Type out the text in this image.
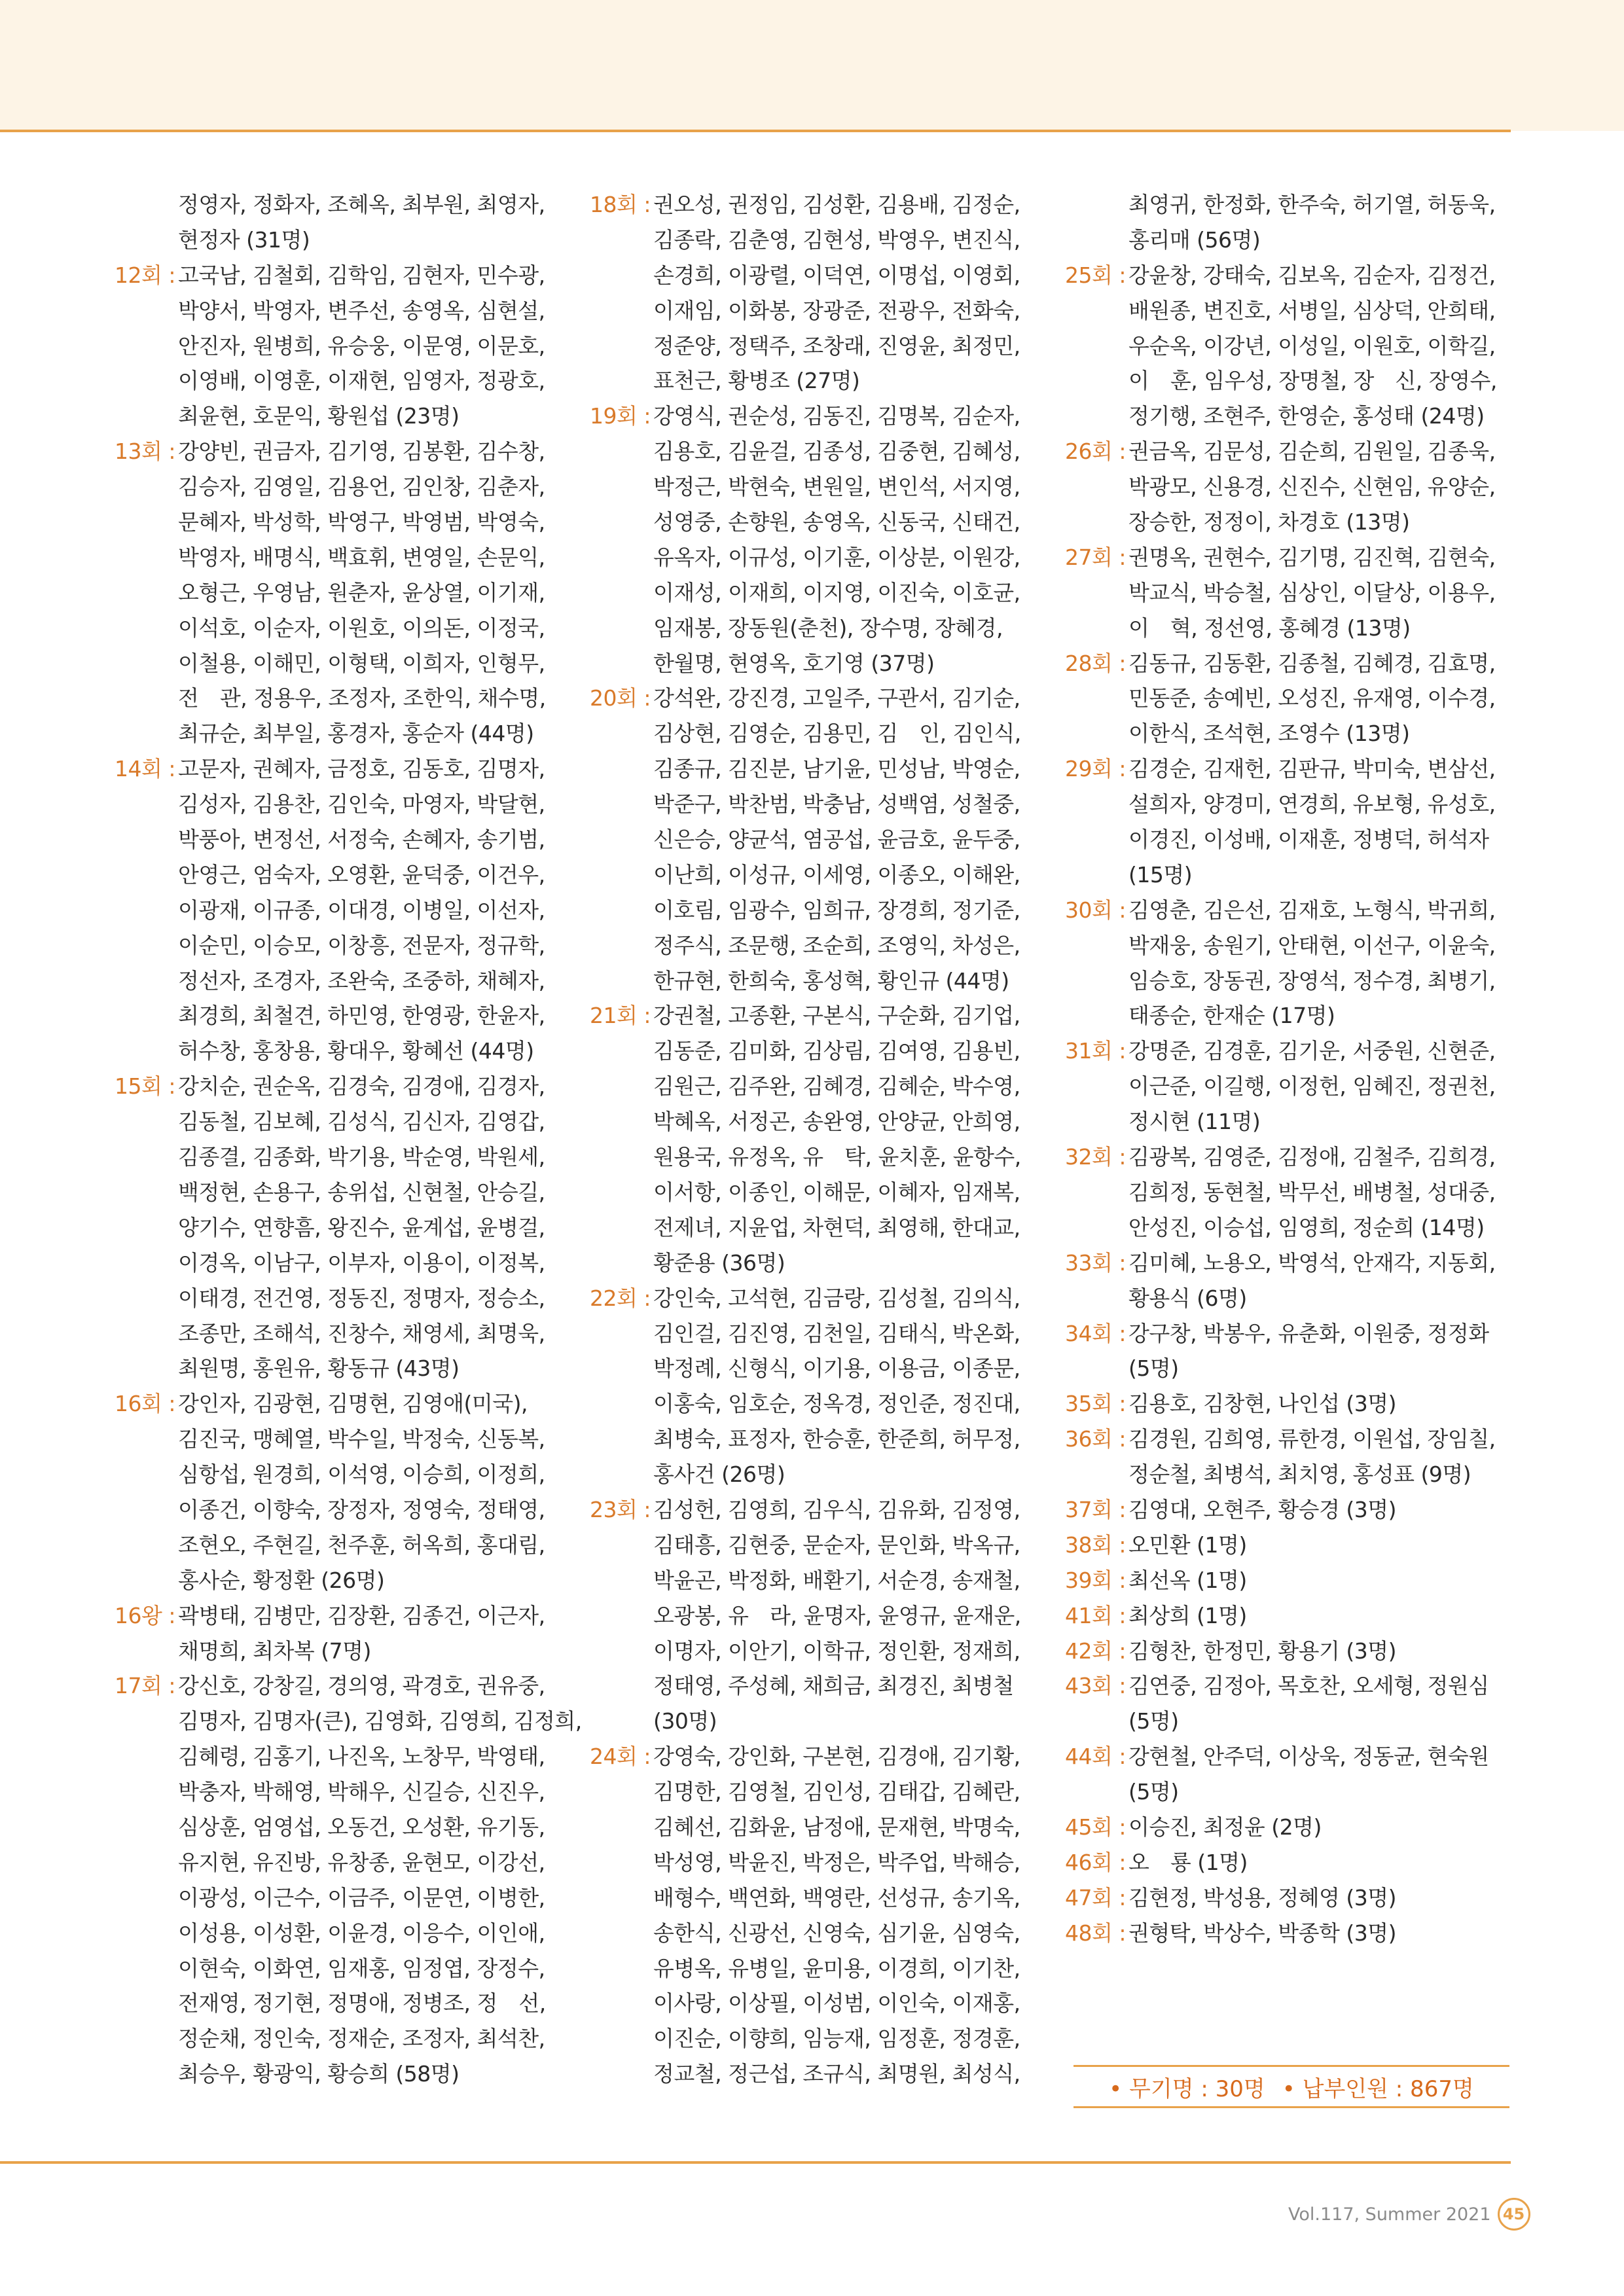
정영자, 정화자, 조혜옥, 최부원, 최영자,
현정자 (31명)
12회 : 고국남, 김철회, 김학임, 김현자, 민수광,
박양서, 박영자, 변주선, 송영옥, 심현설,
안진자, 원병희, 유승웅, 이문영, 이문호,
이영배, 이영훈, 이재현, 임영자, 정광호,
최윤현, 호문익, 황원섭 (23명)
13회 : 강양빈, 권금자, 김기영, 김봉환, 김수창,
김승자, 김영일, 김용언, 김인창, 김춘자,
문혜자, 박성학, 박영구, 박영범, 박영숙,
박영자, 배명식, 백효휘, 변영일, 손문익,
오형근, 우영남, 원춘자, 윤상열, 이기재,
이석호, 이순자, 이원호, 이의돈, 이정국,
이철용, 이해민, 이형택, 이희자, 인형무,
전　관, 정용우, 조정자, 조한익, 채수명,
최규순, 최부일, 홍경자, 홍순자 (44명)
14회 : 고문자, 권혜자, 금정호, 김동호, 김명자,
김성자, 김용찬, 김인숙, 마영자, 박달현,
박풍아, 변정선, 서정숙, 손혜자, 송기범,
안영근, 엄숙자, 오영환, 윤덕중, 이건우,
이광재, 이규종, 이대경, 이병일, 이선자,
이순민, 이승모, 이창흥, 전문자, 정규학,
정선자, 조경자, 조완숙, 조중하, 채혜자,
최경희, 최철견, 하민영, 한영광, 한윤자,
허수창, 홍창용, 황대우, 황혜선 (44명)
15회 : 강치순, 권순옥, 김경숙, 김경애, 김경자,
김동철, 김보혜, 김성식, 김신자, 김영갑,
김종결, 김종화, 박기용, 박순영, 박원세,
백정현, 손용구, 송위섭, 신현철, 안승길,
양기수, 연향흠, 왕진수, 윤계섭, 윤병걸,
이경옥, 이남구, 이부자, 이용이, 이정복,
이태경, 전건영, 정동진, 정명자, 정승소,
조종만, 조해석, 진창수, 채영세, 최명욱,
최원명, 홍원유, 황동규 (43명)
16회 : 강인자, 김광현, 김명현, 김영애(미국),
김진국, 맹혜열, 박수일, 박정숙, 신동복,
심항섭, 원경희, 이석영, 이승희, 이정희,
이종건, 이향숙, 장정자, 정영숙, 정태영,
조현오, 주현길, 천주훈, 허옥희, 홍대림,
홍사순, 황정환 (26명)
16왕 : 곽병태, 김병만, 김장환, 김종건, 이근자,
채명희, 최차복 (7명)
17회 : 강신호, 강창길, 경의영, 곽경호, 권유중,
김명자, 김명자(큰), 김영화, 김영희, 김정희,
김혜령, 김홍기, 나진옥, 노창무, 박영태,
박충자, 박해영, 박해우, 신길승, 신진우,
심상훈, 엄영섭, 오동건, 오성환, 유기동,
유지현, 유진방, 유창종, 윤현모, 이강선,
이광성, 이근수, 이금주, 이문연, 이병한,
이성용, 이성환, 이윤경, 이응수, 이인애,
이현숙, 이화연, 임재홍, 임정엽, 장정수,
전재영, 정기현, 정명애, 정병조, 정　선,
정순채, 정인숙, 정재순, 조정자, 최석찬,
최승우, 황광익, 황승희 (58명)
18회 : 권오성, 권정임, 김성환, 김용배, 김정순,
김종락, 김춘영, 김현성, 박영우, 변진식,
손경희, 이광렬, 이덕연, 이명섭, 이영회,
이재임, 이화봉, 장광준, 전광우, 전화숙,
정준양, 정택주, 조창래, 진영윤, 최정민,
표천근, 황병조 (27명)
19회 : 강영식, 권순성, 김동진, 김명복, 김순자,
김용호, 김윤걸, 김종성, 김중현, 김혜성,
박정근, 박현숙, 변원일, 변인석, 서지영,
성영중, 손향원, 송영옥, 신동국, 신태건,
유옥자, 이규성, 이기훈, 이상분, 이원강,
이재성, 이재희, 이지영, 이진숙, 이호균,
임재봉, 장동원(춘천), 장수명, 장혜경,
한월명, 현영옥, 호기영 (37명)
20회 : 강석완, 강진경, 고일주, 구관서, 김기순,
김상현, 김영순, 김용민, 김　인, 김인식,
김종규, 김진분, 남기윤, 민성남, 박영순,
박준구, 박찬범, 박충남, 성백염, 성철중,
신은승, 양균석, 염공섭, 윤금호, 윤두중,
이난희, 이성규, 이세영, 이종오, 이해완,
이호림, 임광수, 임희규, 장경희, 정기준,
정주식, 조문행, 조순희, 조영익, 차성은,
한규현, 한희숙, 홍성혁, 황인규 (44명)
21회 : 강권철, 고종환, 구본식, 구순화, 김기업,
김동준, 김미화, 김상림, 김여영, 김용빈,
김원근, 김주완, 김혜경, 김혜순, 박수영,
박혜옥, 서정곤, 송완영, 안양균, 안희영,
원용국, 유정옥, 유　탁, 윤치훈, 윤항수,
이서항, 이종인, 이해문, 이혜자, 임재복,
전제녀, 지윤업, 차현덕, 최영해, 한대교,
황준용 (36명)
22회 : 강인숙, 고석현, 김금랑, 김성철, 김의식,
김인걸, 김진영, 김천일, 김태식, 박온화,
박정례, 신형식, 이기용, 이용금, 이종문,
이홍숙, 임호순, 정옥경, 정인준, 정진대,
최병숙, 표정자, 한승훈, 한준희, 허무정,
홍사건 (26명)
23회 : 김성헌, 김영희, 김우식, 김유화, 김정영,
김태흥, 김현중, 문순자, 문인화, 박옥규,
박윤곤, 박정화, 배환기, 서순경, 송재철,
오광봉, 유　라, 윤명자, 윤영규, 윤재운,
이명자, 이안기, 이학규, 정인환, 정재희,
정태영, 주성혜, 채희금, 최경진, 최병철
(30명)
24회 : 강영숙, 강인화, 구본현, 김경애, 김기황,
김명한, 김영철, 김인성, 김태갑, 김혜란,
김혜선, 김화윤, 남정애, 문재현, 박명숙,
박성영, 박윤진, 박정은, 박주업, 박해승,
배형수, 백연화, 백영란, 선성규, 송기옥,
송한식, 신광선, 신영숙, 심기윤, 심영숙,
유병옥, 유병일, 윤미용, 이경희, 이기찬,
이사랑, 이상필, 이성범, 이인숙, 이재홍,
이진순, 이향희, 임능재, 임정훈, 정경훈,
정교철, 정근섭, 조규식, 최명원, 최성식,
최영귀, 한정화, 한주숙, 허기열, 허동욱,
홍리매 (56명)
25회 : 강윤창, 강태숙, 김보옥, 김순자, 김정건,
배원종, 변진호, 서병일, 심상덕, 안희태,
우순옥, 이강년, 이성일, 이원호, 이학길,
이　훈, 임우성, 장명철, 장　신, 장영수,
정기행, 조현주, 한영순, 홍성태 (24명)
26회 : 권금옥, 김문성, 김순희, 김원일, 김종욱,
박광모, 신용경, 신진수, 신현임, 유양순,
장승한, 정정이, 차경호 (13명)
27회 : 권명옥, 권현수, 김기명, 김진혁, 김현숙,
박교식, 박승철, 심상인, 이달상, 이용우,
이　혁, 정선영, 홍혜경 (13명)
28회 : 김동규, 김동환, 김종철, 김혜경, 김효명,
민동준, 송예빈, 오성진, 유재영, 이수경,
이한식, 조석현, 조영수 (13명)
29회 : 김경순, 김재헌, 김판규, 박미숙, 변삼선,
설희자, 양경미, 연경희, 유보형, 유성호,
이경진, 이성배, 이재훈, 정병덕, 허석자
(15명)
30회 : 김영춘, 김은선, 김재호, 노형식, 박귀희,
박재웅, 송원기, 안태현, 이선구, 이윤숙,
임승호, 장동권, 장영석, 정수경, 최병기,
태종순, 한재순 (17명)
31회 : 강명준, 김경훈, 김기운, 서중원, 신현준,
이근준, 이길행, 이정헌, 임혜진, 정권천,
정시현 (11명)
32회 : 김광복, 김영준, 김정애, 김철주, 김희경,
김희정, 동현철, 박무선, 배병철, 성대중,
안성진, 이승섭, 임영희, 정순희 (14명)
33회 : 김미혜, 노용오, 박영석, 안재각, 지동회,
황용식 (6명)
34회 : 강구창, 박봉우, 유춘화, 이원중, 정정화
(5명)
35회 : 김용호, 김창현, 나인섭 (3명)
36회 : 김경원, 김희영, 류한경, 이원섭, 장임칠,
정순철, 최병석, 최치영, 홍성표 (9명)
37회 : 김영대, 오현주, 황승경 (3명)
38회 : 오민환 (1명)
39회 : 최선옥 (1명)
41회 : 최상희 (1명)
42회 : 김형찬, 한정민, 황용기 (3명)
43회 : 김연중, 김정아, 목호찬, 오세형, 정원심
(5명)
44회 : 강현철, 안주덕, 이상욱, 정동균, 현숙원
(5명)
45회 : 이승진, 최정윤 (2명)
46회 : 오　룡 (1명)
47회 : 김현정, 박성용, 정혜영 (3명)
48회 : 권형탁, 박상수, 박종학 (3명)
• 무기명 : 30명 • 납부인원 : 867명
Vol.117, Summer 2021 45
